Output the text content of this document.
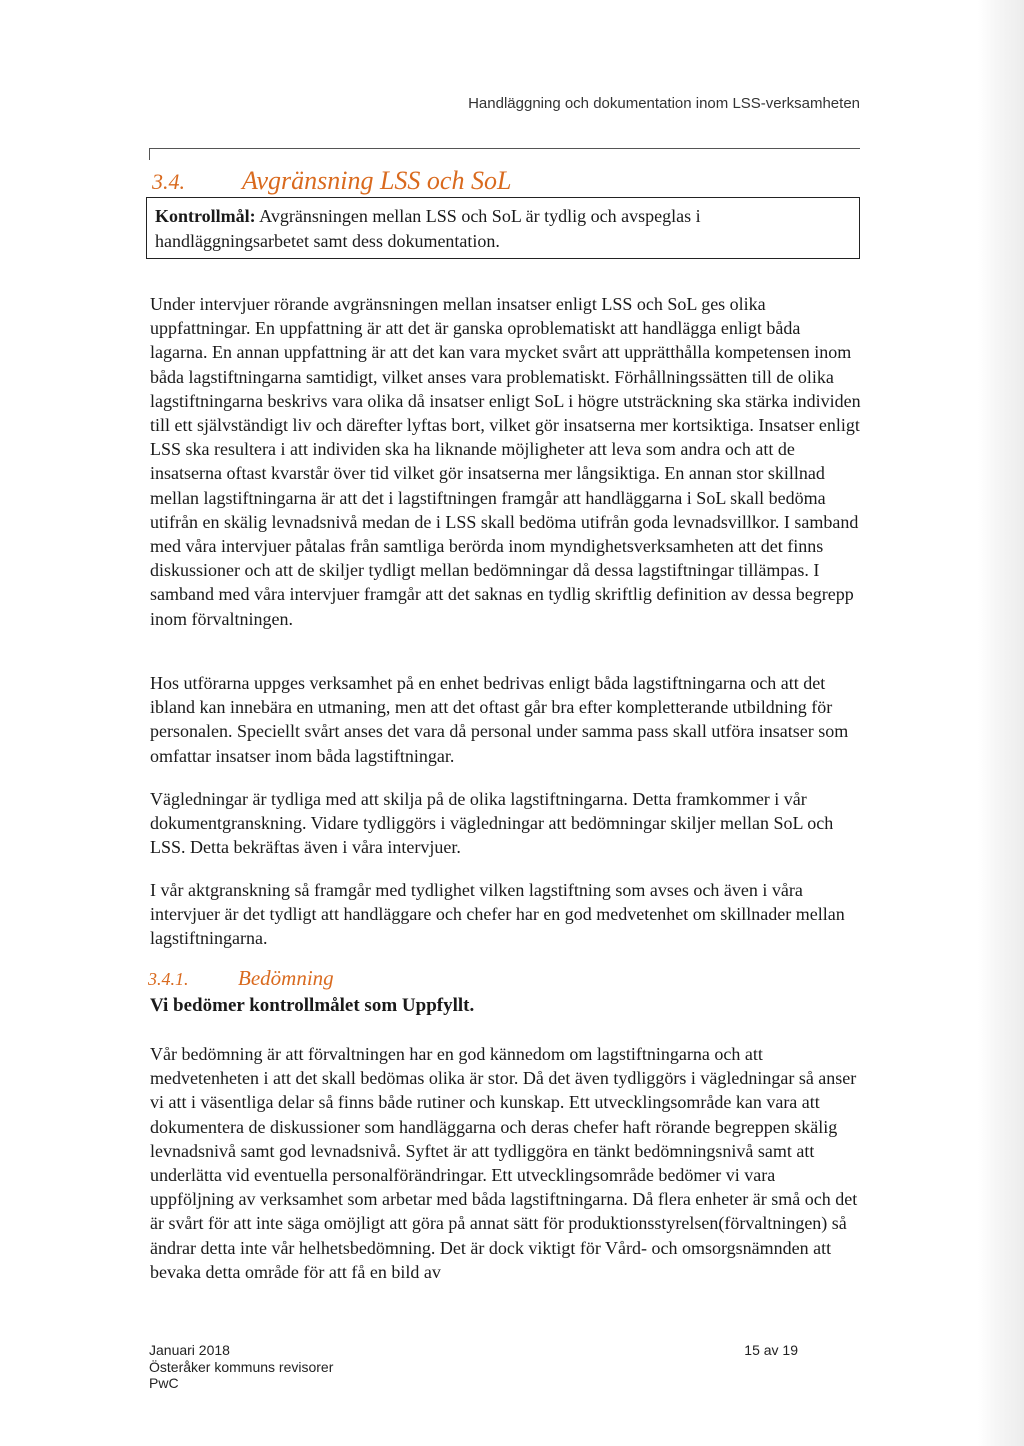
Handläggning och dokumentation inom LSS-verksamheten
3.4. Avgränsning LSS och SoL
Kontrollmål: Avgränsningen mellan LSS och SoL är tydlig och avspeglas i handläggningsarbetet samt dess dokumentation.
Under intervjuer rörande avgränsningen mellan insatser enligt LSS och SoL ges olika uppfattningar. En uppfattning är att det är ganska oproblematiskt att handlägga enligt båda lagarna. En annan uppfattning är att det kan vara mycket svårt att upprätthålla kompetensen inom båda lagstiftningarna samtidigt, vilket anses vara problematiskt. Förhållningssätten till de olika lagstiftningarna beskrivs vara olika då insatser enligt SoL i högre utsträckning ska stärka individen till ett självständigt liv och därefter lyftas bort, vilket gör insatserna mer kortsiktiga. Insatser enligt LSS ska resultera i att individen ska ha liknande möjligheter att leva som andra och att de insatserna oftast kvarstår över tid vilket gör insatserna mer långsiktiga. En annan stor skillnad mellan lagstiftningarna är att det i lagstiftningen framgår att handläggarna i SoL skall bedöma utifrån en skälig levnadsnivå medan de i LSS skall bedöma utifrån goda levnadsvillkor. I samband med våra intervjuer påtalas från samtliga berörda inom myndighetsverksamheten att det finns diskussioner och att de skiljer tydligt mellan bedömningar då dessa lagstiftningar tillämpas. I samband med våra intervjuer framgår att det saknas en tydlig skriftlig definition av dessa begrepp inom förvaltningen.
Hos utförarna uppges verksamhet på en enhet bedrivas enligt båda lagstiftningarna och att det ibland kan innebära en utmaning, men att det oftast går bra efter kompletterande utbildning för personalen. Speciellt svårt anses det vara då personal under samma pass skall utföra insatser som omfattar insatser inom båda lagstiftningar.
Vägledningar är tydliga med att skilja på de olika lagstiftningarna. Detta framkommer i vår dokumentgranskning. Vidare tydliggörs i vägledningar att bedömningar skiljer mellan SoL och LSS. Detta bekräftas även i våra intervjuer.
I vår aktgranskning så framgår med tydlighet vilken lagstiftning som avses och även i våra intervjuer är det tydligt att handläggare och chefer har en god medvetenhet om skillnader mellan lagstiftningarna.
3.4.1. Bedömning
Vi bedömer kontrollmålet som Uppfyllt.
Vår bedömning är att förvaltningen har en god kännedom om lagstiftningarna och att medvetenheten i att det skall bedömas olika är stor. Då det även tydliggörs i vägledningar så anser vi att i väsentliga delar så finns både rutiner och kunskap. Ett utvecklingsområde kan vara att dokumentera de diskussioner som handläggarna och deras chefer haft rörande begreppen skälig levnadsnivå samt god levnadsnivå. Syftet är att tydliggöra en tänkt bedömningsnivå samt att underlätta vid eventuella personalförändringar. Ett utvecklingsområde bedömer vi vara uppföljning av verksamhet som arbetar med båda lagstiftningarna. Då flera enheter är små och det är svårt för att inte säga omöjligt att göra på annat sätt för produktionsstyrelsen(förvaltningen) så ändrar detta inte vår helhetsbedömning. Det är dock viktigt för Vård- och omsorgsnämnden att bevaka detta område för att få en bild av
Januari 2018
Österåker kommuns revisorer
PwC
15 av 19
